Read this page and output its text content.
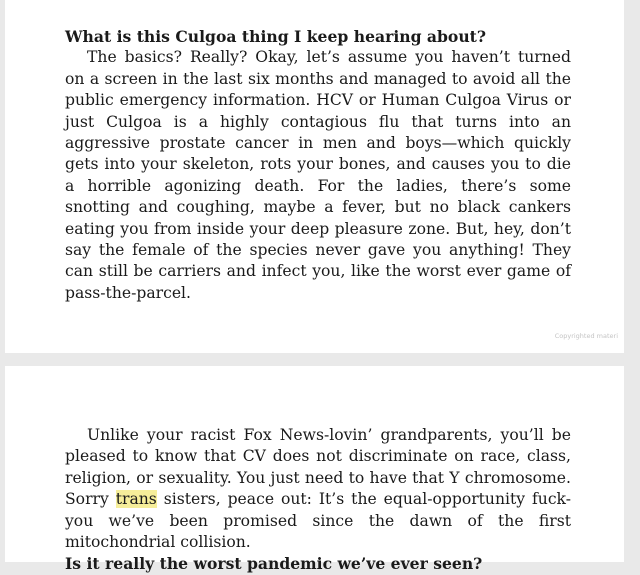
What is this Culgoa thing I keep hearing about?

The basics? Really? Okay, let’s assume you haven’t turned on a screen in the last six months and managed to avoid all the public emergency information. HCV or Human Culgoa Virus or just Culgoa is a highly contagious flu that turns into an aggressive prostate cancer in men and boys—which quickly gets into your skeleton, rots your bones, and causes you to die a horrible agonizing death. For the ladies, there’s some snotting and coughing, maybe a fever, but no black cankers eating you from inside your deep pleasure zone. But, hey, don’t say the female of the species never gave you anything! They can still be carriers and infect you, like the worst ever game of pass-the-parcel.

Copyrighted materi

Unlike your racist Fox News-lovin’ grandparents, you’ll be pleased to know that CV does not discriminate on race, class, religion, or sexuality. You just need to have that Y chromosome. Sorry trans sisters, peace out: It’s the equal-opportunity fuck-you we’ve been promised since the dawn of the first mitochondrial collision.

Is it really the worst pandemic we’ve ever seen?
